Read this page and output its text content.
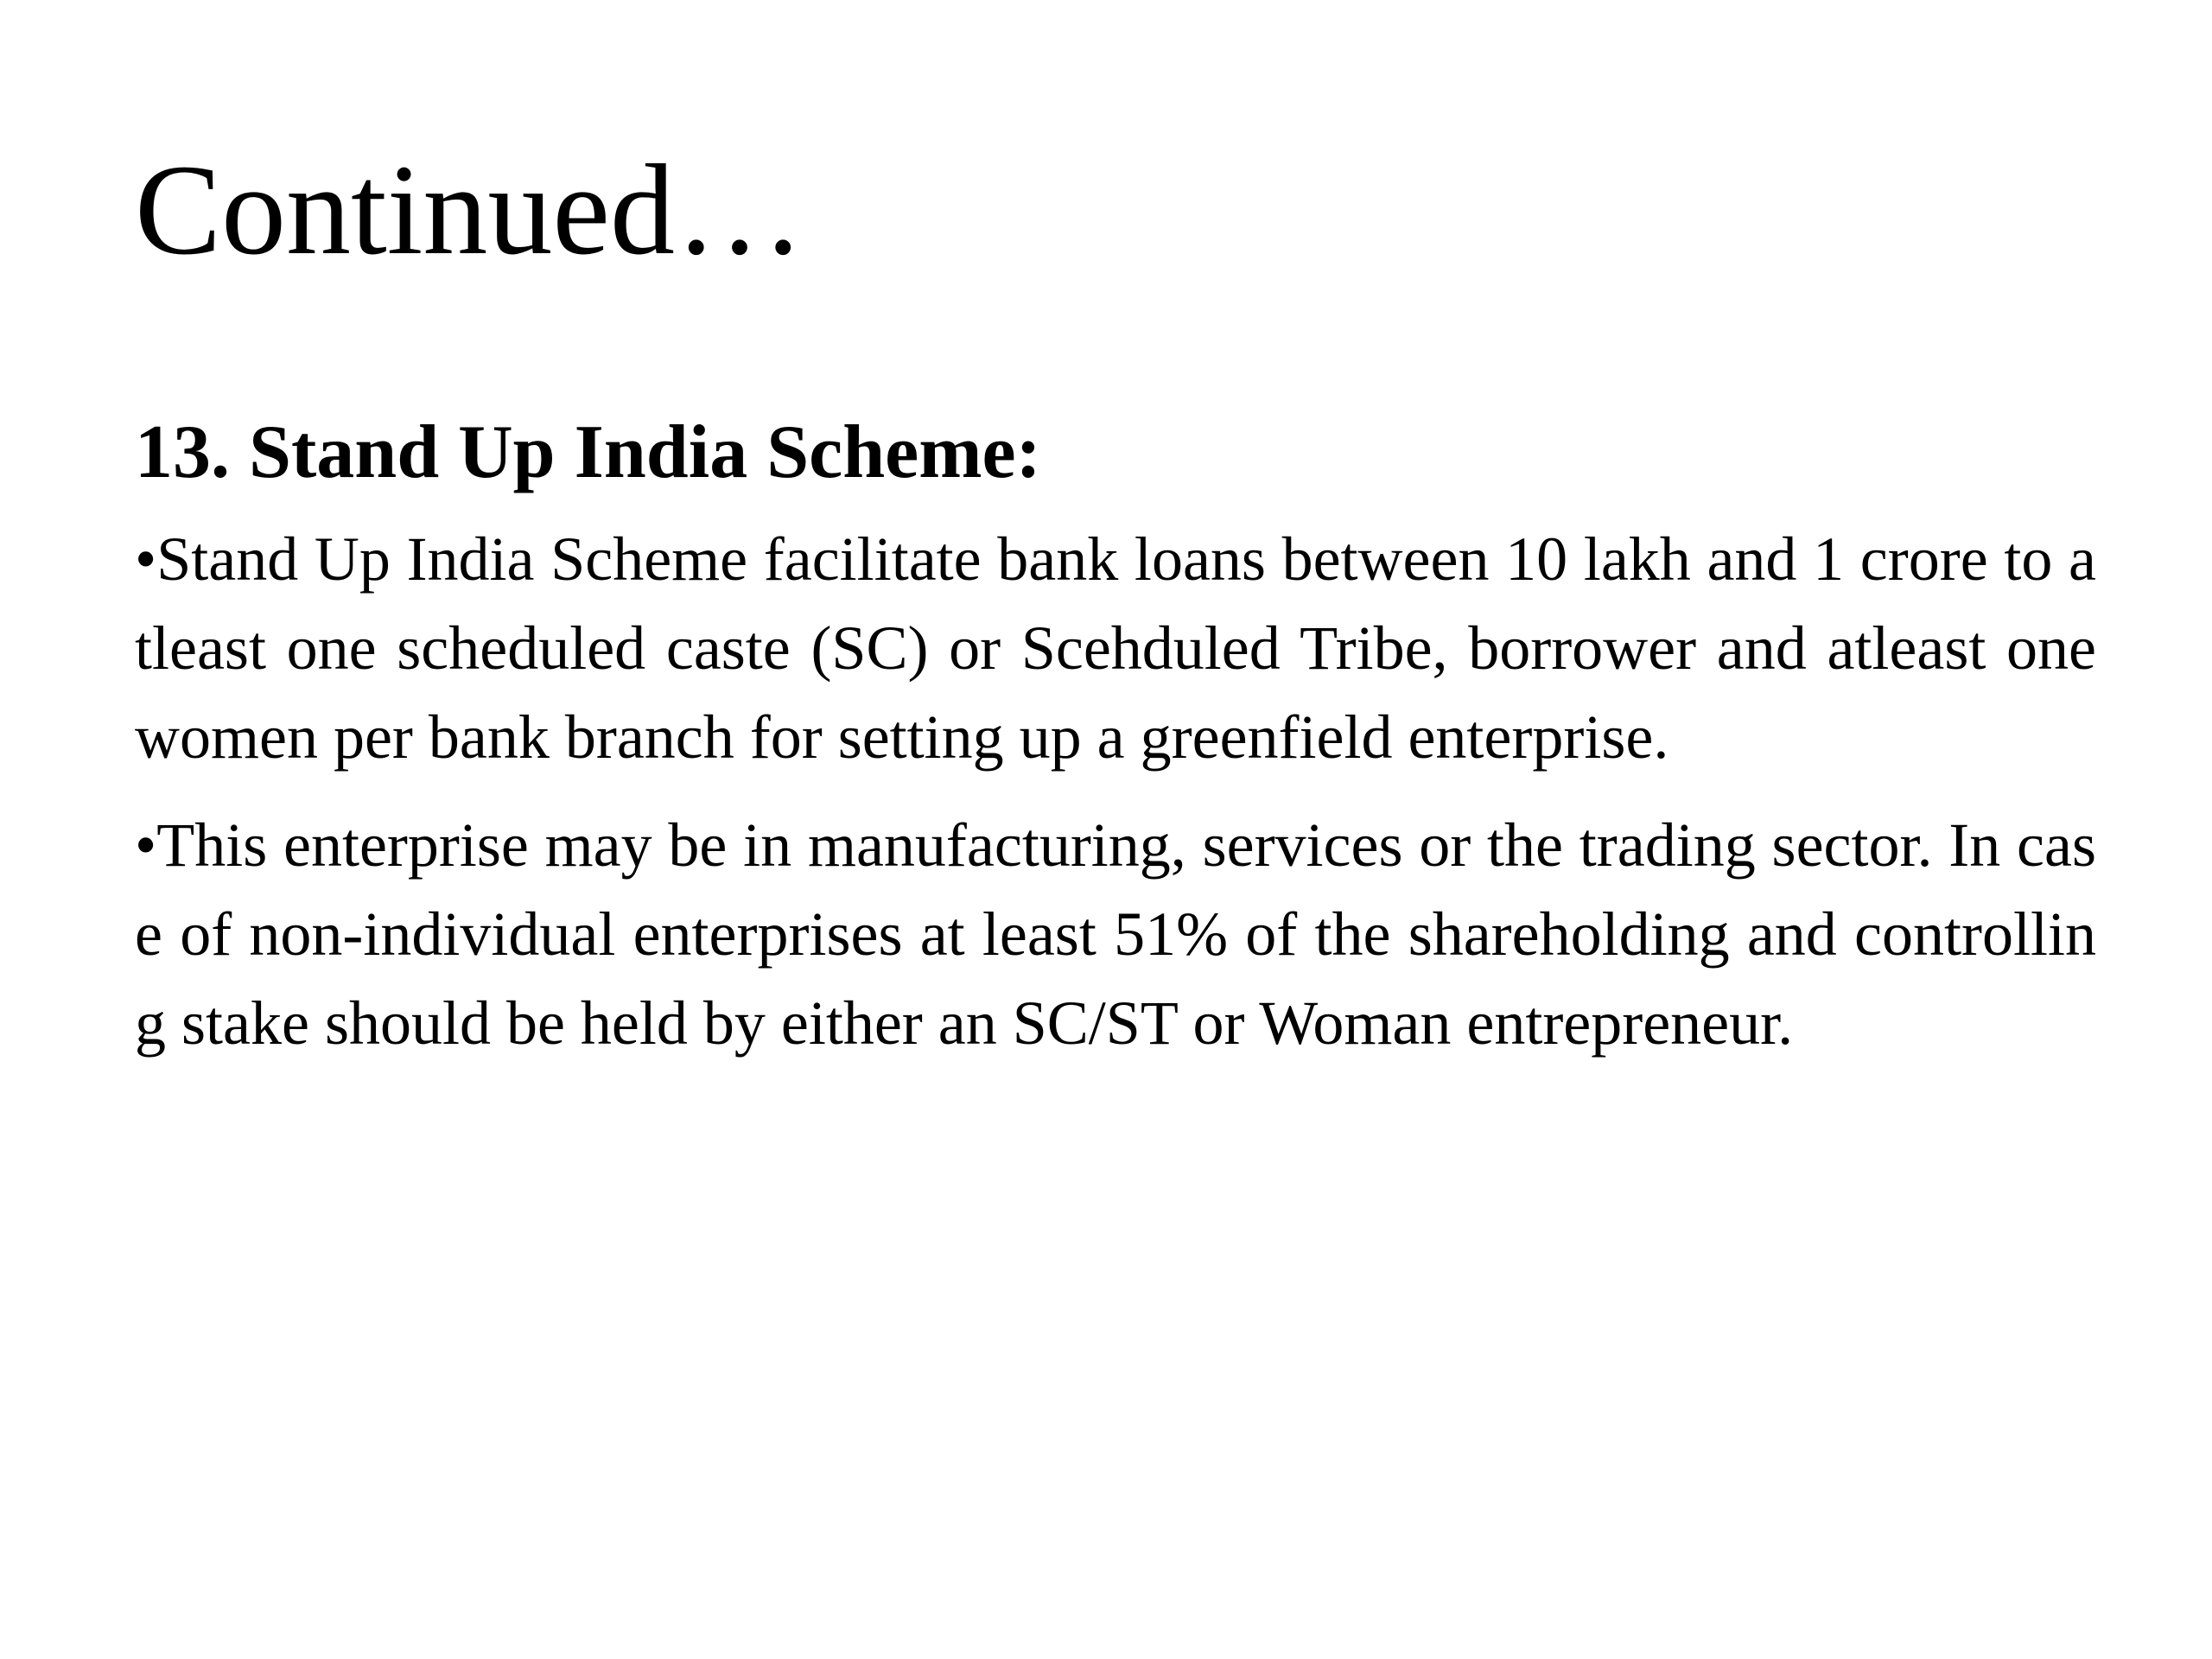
Continued…
13. Stand Up India Scheme:

•Stand Up India Scheme facilitate bank loans between 10 lakh and 1 crore to atleast one scheduled caste (SC) or Scehduled Tribe, borrower and atleast one women per bank branch for setting up a greenfield enterprise.

•This enterprise may be in manufacturing, services or the trading sector. In case of non-individual enterprises at least 51% of the shareholding and controlling stake should be held by either an SC/ST or Woman entrepreneur.
